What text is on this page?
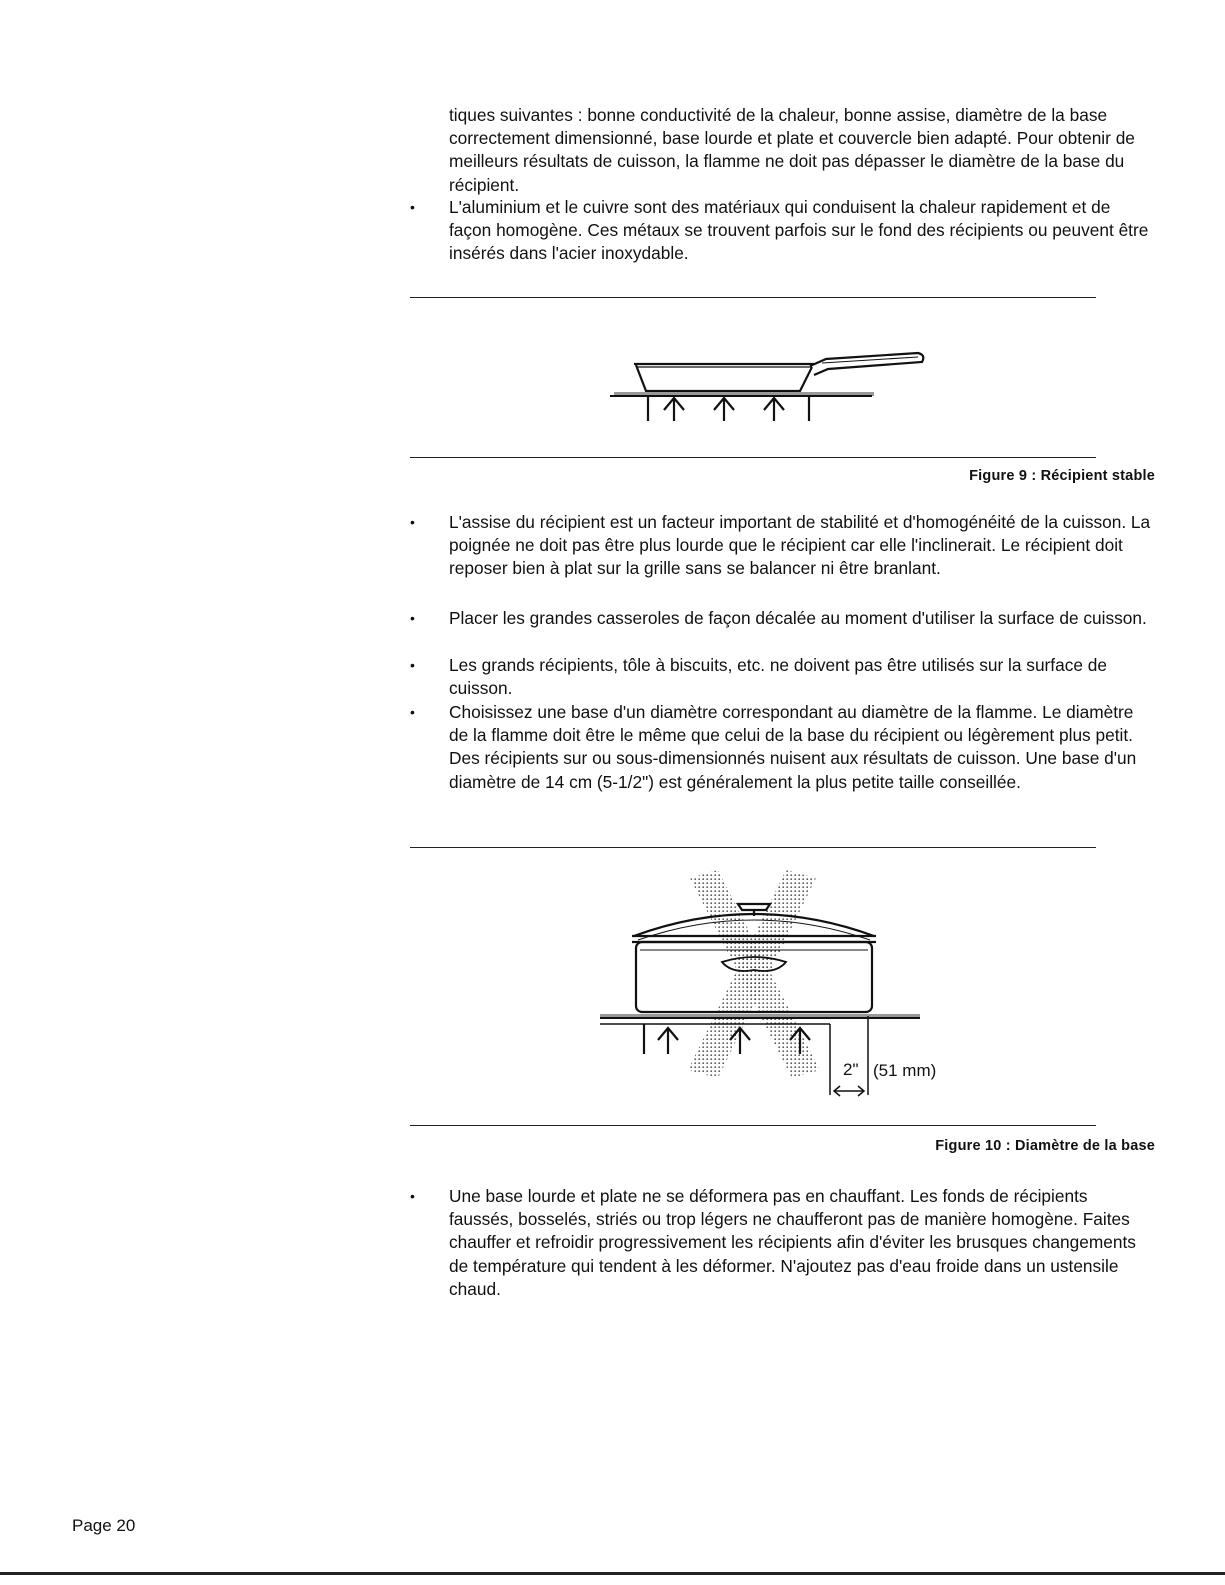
tiques suivantes : bonne conductivité de la chaleur, bonne assise, diamètre de la base correctement dimensionné, base lourde et plate et couvercle bien adapté. Pour obtenir de meilleurs résultats de cuisson, la flamme ne doit pas dépasser le diamètre de la base du récipient.

•	L'aluminium et le cuivre sont des matériaux qui conduisent la chaleur rapidement et de façon homogène. Ces métaux se trouvent parfois sur le fond des récipients ou peuvent être insérés dans l'acier inoxydable.

Figure 9 : Récipient stable
•	L'assise du récipient est un facteur important de stabilité et d'homogénéité de la cuisson. La poignée ne doit pas être plus lourde que le récipient car elle l'inclinerait. Le récipient doit reposer bien à plat sur la grille sans se balancer ni être branlant.

•	Placer les grandes casseroles de façon décalée au moment d'utiliser la surface de cuisson.

•	Les grands récipients, tôle à biscuits, etc. ne doivent pas être utilisés sur la surface de cuisson.

•	Choisissez une base d'un diamètre correspondant au diamètre de la flamme. Le diamètre de la flamme doit être le même que celui de la base du récipient ou légèrement plus petit. Des récipients sur ou sous-dimensionnés nuisent aux résultats de cuisson. Une base d'un diamètre de 14 cm (5-1/2") est généralement la plus petite taille conseillée.

2" (51 mm)
Figure 10 : Diamètre de la base
•	Une base lourde et plate ne se déformera pas en chauffant. Les fonds de récipients faussés, bosselés, striés ou trop légers ne chaufferont pas de manière homogène. Faites chauffer et refroidir progressivement les récipients afin d'éviter les brusques changements de température qui tendent à les déformer. N'ajoutez pas d'eau froide dans un ustensile chaud.

Page 20
